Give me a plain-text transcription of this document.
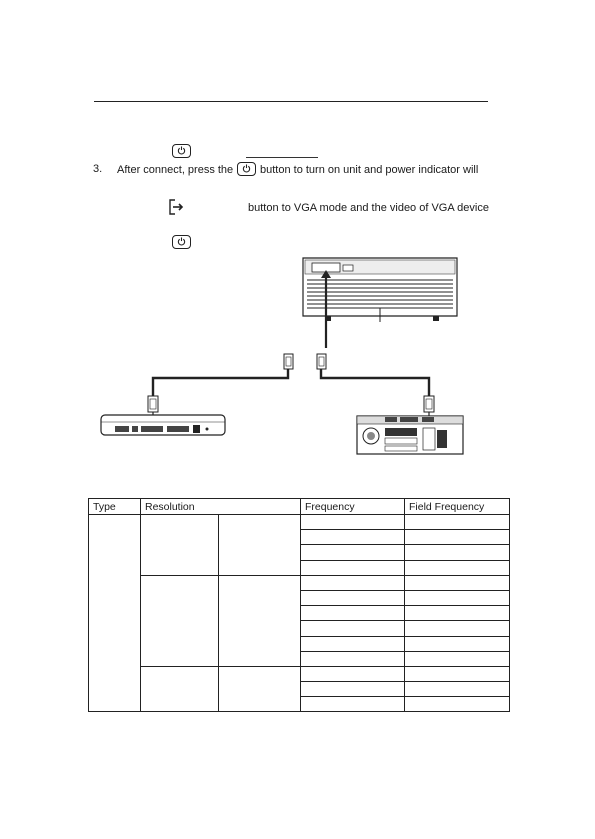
3. After connect, press the button to turn on unit and power indicator will
button to VGA mode and the video of VGA device
Type	Resolution		Frequency	Field Frequency
